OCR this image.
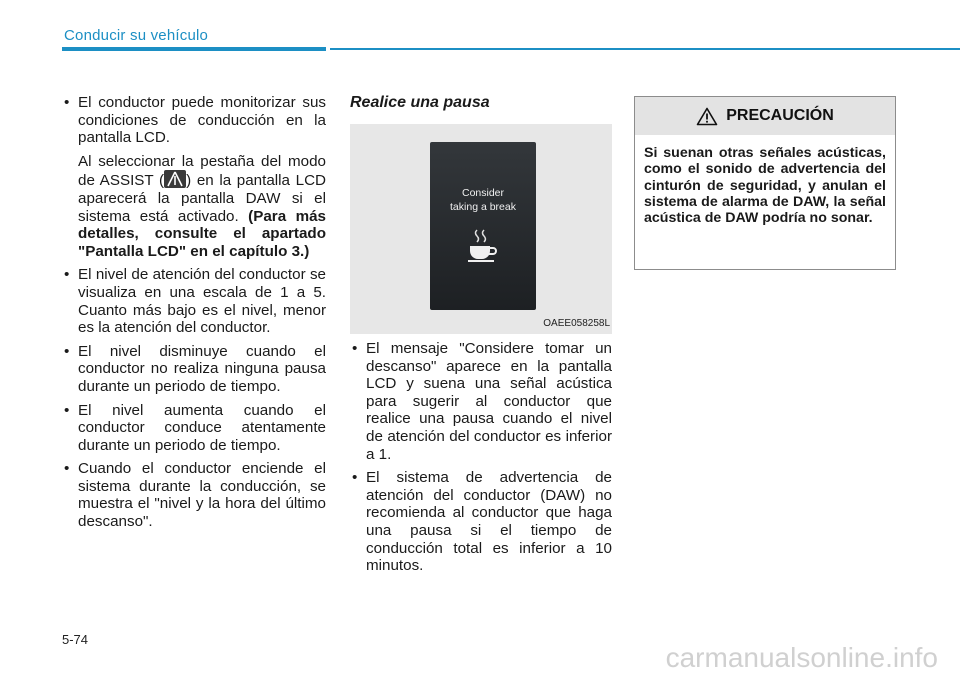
Conducir su vehículo
• El conductor puede monitorizar sus condiciones de conducción en la pantalla LCD.
Al seleccionar la pestaña del modo de ASSIST ( ) en la pantalla LCD aparecerá la pantalla DAW si el sistema está activado. (Para más detalles, consulte el apartado "Pantalla LCD" en el capítulo 3.)
• El nivel de atención del conductor se visualiza en una escala de 1 a 5. Cuanto más bajo es el nivel, menor es la atención del conductor.
• El nivel disminuye cuando el conductor no realiza ninguna pausa durante un periodo de tiempo.
• El nivel aumenta cuando el conductor conduce atentamente durante un periodo de tiempo.
• Cuando el conductor enciende el sistema durante la conducción, se muestra el "nivel y la hora del último descanso".
Realice una pausa
Consider
taking a break
OAEE058258L
• El mensaje "Considere tomar un descanso" aparece en la pantalla LCD y suena una señal acústica para sugerir al conductor que realice una pausa cuando el nivel de atención del conductor es inferior a 1.
• El sistema de advertencia de atención del conductor (DAW) no recomienda al conductor que haga una pausa si el tiempo de conducción total es inferior a 10 minutos.
PRECAUCIÓN
Si suenan otras señales acústicas, como el sonido de advertencia del cinturón de seguridad, y anulan el sistema de alarma de DAW, la señal acústica de DAW podría no sonar.
5-74
carmanualsonline.info
